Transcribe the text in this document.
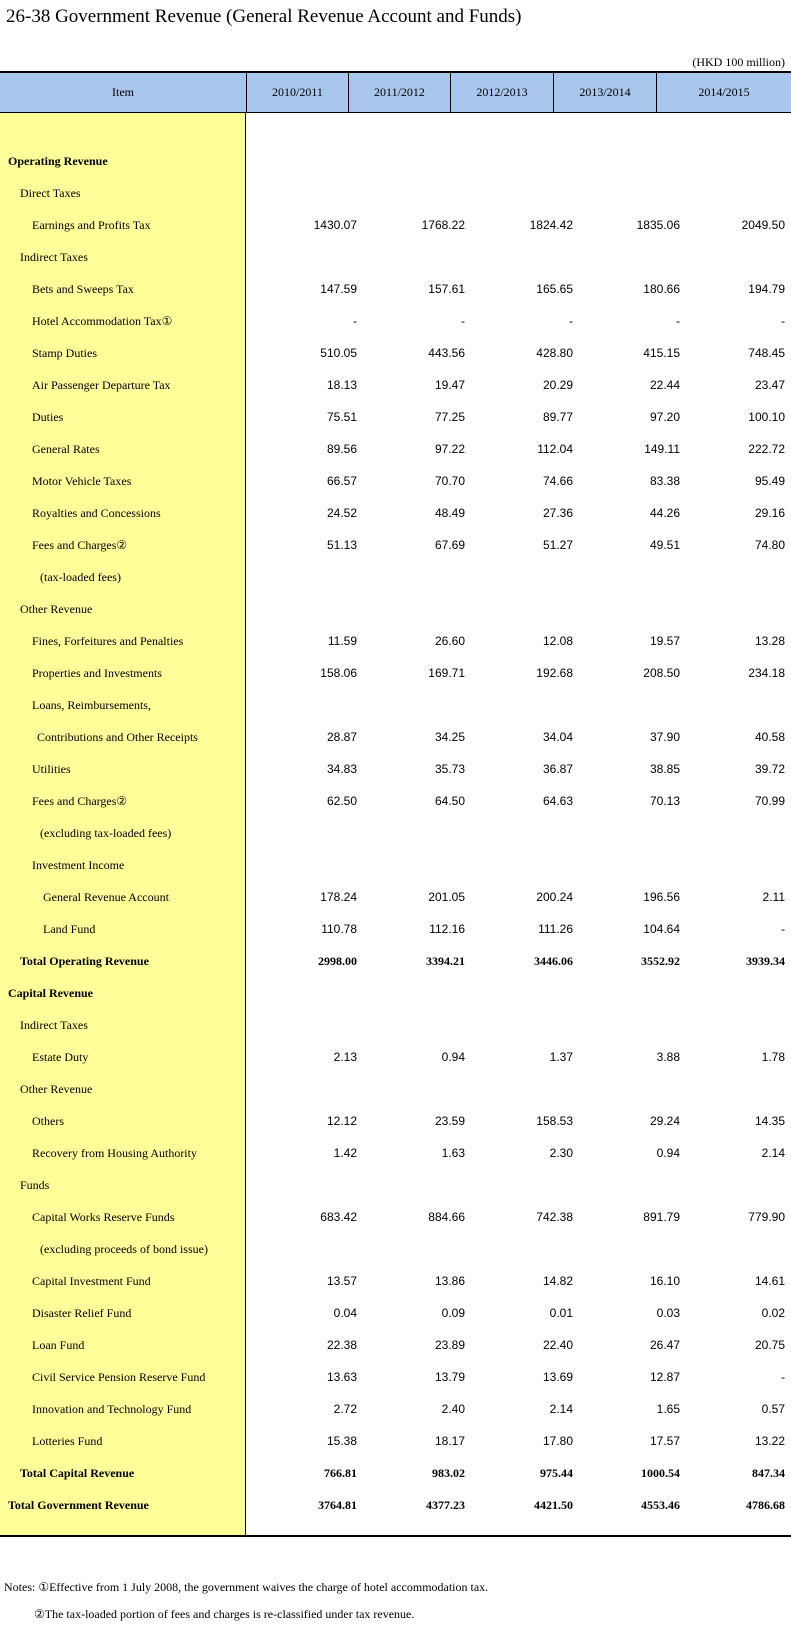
26-38 Government Revenue (General Revenue Account and Funds)
(HKD 100 million)
Item	2010/2011	2011/2012	2012/2013	2013/2014	2014/2015
Operating Revenue
Direct Taxes
Earnings and Profits Tax	1430.07	1768.22	1824.42	1835.06	2049.50
Indirect Taxes
Bets and Sweeps Tax	147.59	157.61	165.65	180.66	194.79
Hotel Accommodation Tax①	-	-	-	-	-
Stamp Duties	510.05	443.56	428.80	415.15	748.45
Air Passenger Departure Tax	18.13	19.47	20.29	22.44	23.47
Duties	75.51	77.25	89.77	97.20	100.10
General Rates	89.56	97.22	112.04	149.11	222.72
Motor Vehicle Taxes	66.57	70.70	74.66	83.38	95.49
Royalties and Concessions	24.52	48.49	27.36	44.26	29.16
Fees and Charges②	51.13	67.69	51.27	49.51	74.80
(tax-loaded fees)
Other Revenue
Fines, Forfeitures and Penalties	11.59	26.60	12.08	19.57	13.28
Properties and Investments	158.06	169.71	192.68	208.50	234.18
Loans, Reimbursements,
Contributions and Other Receipts	28.87	34.25	34.04	37.90	40.58
Utilities	34.83	35.73	36.87	38.85	39.72
Fees and Charges②	62.50	64.50	64.63	70.13	70.99
(excluding tax-loaded fees)
Investment Income
General Revenue Account	178.24	201.05	200.24	196.56	2.11
Land Fund	110.78	112.16	111.26	104.64	-
Total Operating Revenue	2998.00	3394.21	3446.06	3552.92	3939.34
Capital Revenue
Indirect Taxes
Estate Duty	2.13	0.94	1.37	3.88	1.78
Other Revenue
Others	12.12	23.59	158.53	29.24	14.35
Recovery from Housing Authority	1.42	1.63	2.30	0.94	2.14
Funds
Capital Works Reserve Funds	683.42	884.66	742.38	891.79	779.90
(excluding proceeds of bond issue)
Capital Investment Fund	13.57	13.86	14.82	16.10	14.61
Disaster Relief Fund	0.04	0.09	0.01	0.03	0.02
Loan Fund	22.38	23.89	22.40	26.47	20.75
Civil Service Pension Reserve Fund	13.63	13.79	13.69	12.87	-
Innovation and Technology Fund	2.72	2.40	2.14	1.65	0.57
Lotteries Fund	15.38	18.17	17.80	17.57	13.22
Total Capital Revenue	766.81	983.02	975.44	1000.54	847.34
Total Government Revenue	3764.81	4377.23	4421.50	4553.46	4786.68
Notes: ①Effective from 1 July 2008, the government waives the charge of hotel accommodation tax.
②The tax-loaded portion of fees and charges is re-classified under tax revenue.
